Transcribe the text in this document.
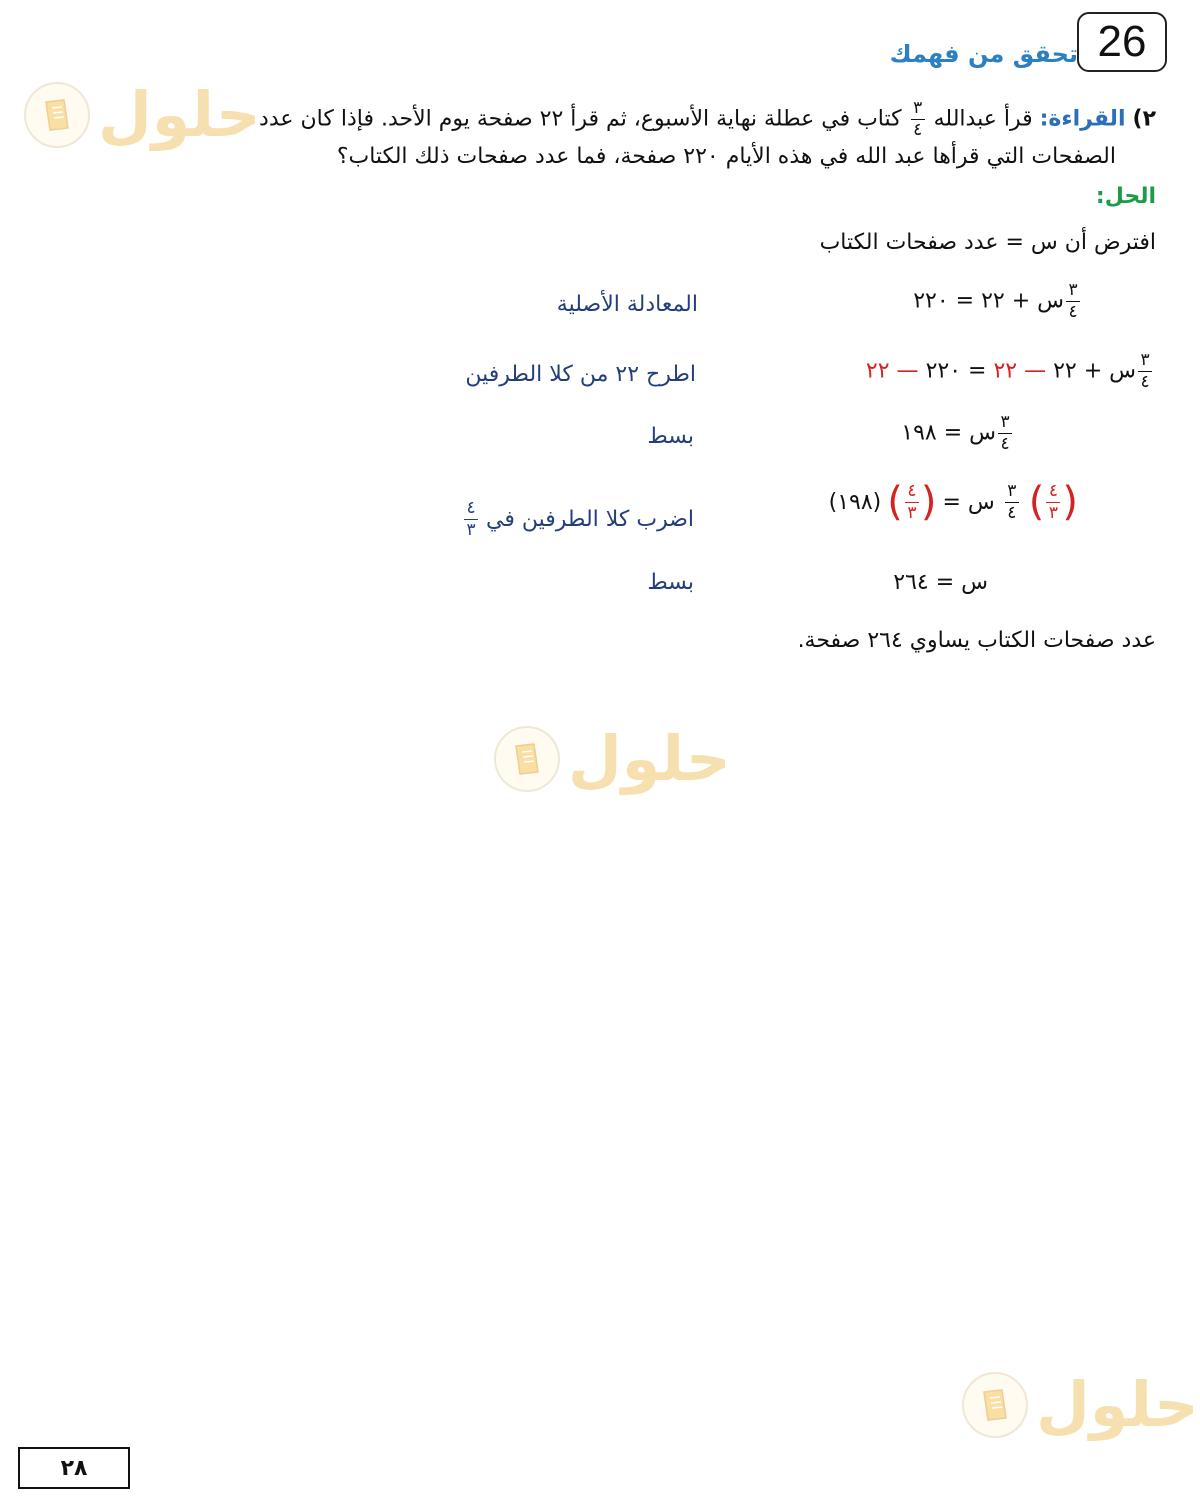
26
تحقق من فهمك
٢) القراءة: قرأ عبدالله
$\frac{٣}{٤}$
كتاب في عطلة نهاية الأسبوع، ثم قرأ ٢٢ صفحة يوم الأحد. فإذا كان عدد
الصفحات التي قرأها عبد الله في هذه الأيام ٢٢٠ صفحة، فما عدد صفحات ذلك الكتاب؟
الحل:
افترض أن س = عدد صفحات الكتاب
$\frac{٣}{٤}$
س + ٢٢ = ٢٢٠
المعادلة الأصلية
$\frac{٣}{٤}$
س + ٢٢ — ٢٢ = ٢٢٠ — ٢٢
اطرح ٢٢ من كلا الطرفين
$\frac{٣}{٤}$
س = ١٩٨
بسط
(
$\frac{٤}{٣}$
)
$\frac{٣}{٤}$
س =
(
$\frac{٤}{٣}$
)
(١٩٨)
اضرب كلا الطرفين في
$\frac{٤}{٣}$
س = ٢٦٤
بسط
عدد صفحات الكتاب يساوي ٢٦٤ صفحة.
حلول
حلول
حلول
٢٨
